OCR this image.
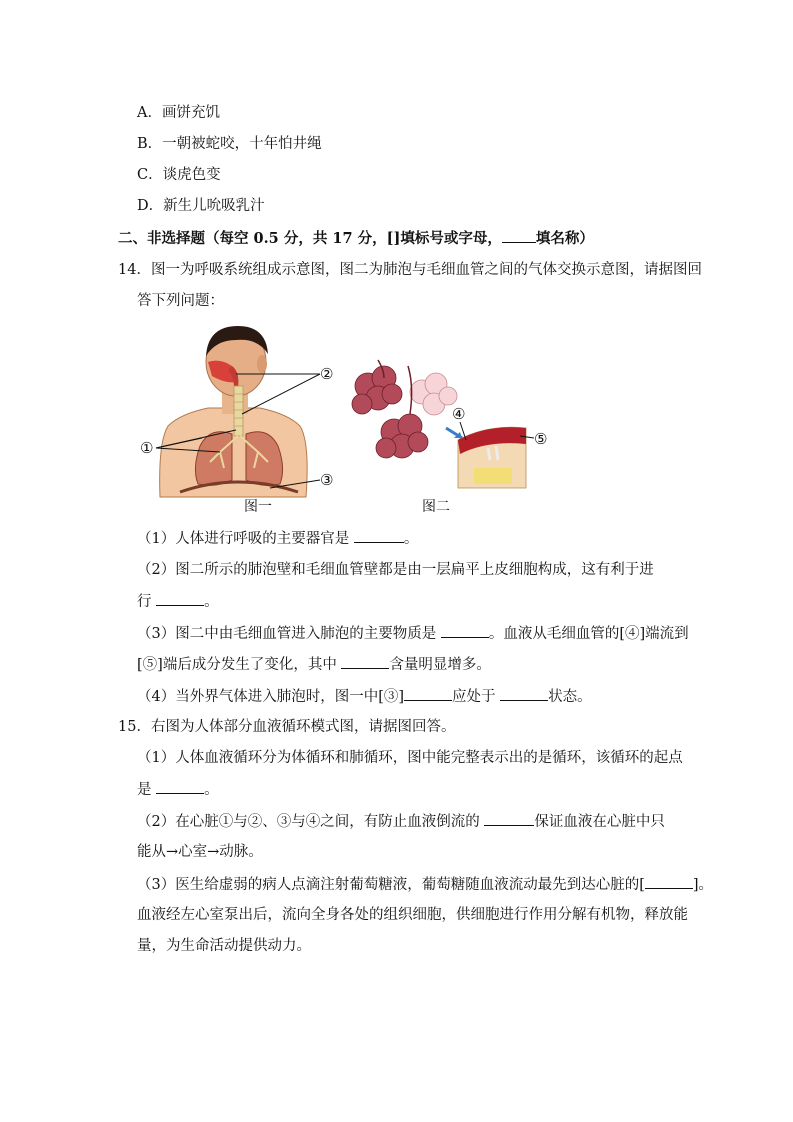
A．画饼充饥
B．一朝被蛇咬，十年怕井绳
C．谈虎色变
D．新生儿吮吸乳汁
二、非选择题（每空 0.5 分，共 17 分，[]填标号或字母， 填名称）
14．图一为呼吸系统组成示意图，图二为肺泡与毛细血管之间的气体交换示意图，请据图回
答下列问题：
①
②
③
图一
④
⑤
图二
（1）人体进行呼吸的主要器官是	。
（2）图二所示的肺泡壁和毛细血管壁都是由一层扁平上皮细胞构成，这有利于进
行	。
（3）图二中由毛细血管进入肺泡的主要物质是	。血液从毛细血管的[④]端流到
[⑤]端后成分发生了变化，其中	含量明显增多。
（4）当外界气体进入肺泡时，图一中[③]	应处于	状态。
15．右图为人体部分血液循环模式图，请据图回答。
（1）人体血液循环分为体循环和肺循环，图中能完整表示出的是循环，该循环的起点
是	。
（2）在心脏①与②、③与④之间，有防止血液倒流的	保证血液在心脏中只
能从→心室→动脉。
（3）医生给虚弱的病人点滴注射葡萄糖液，葡萄糖随血液流动最先到达心脏的[	]。
血液经左心室泵出后，流向全身各处的组织细胞，供细胞进行作用分解有机物，释放能
量，为生命活动提供动力。
